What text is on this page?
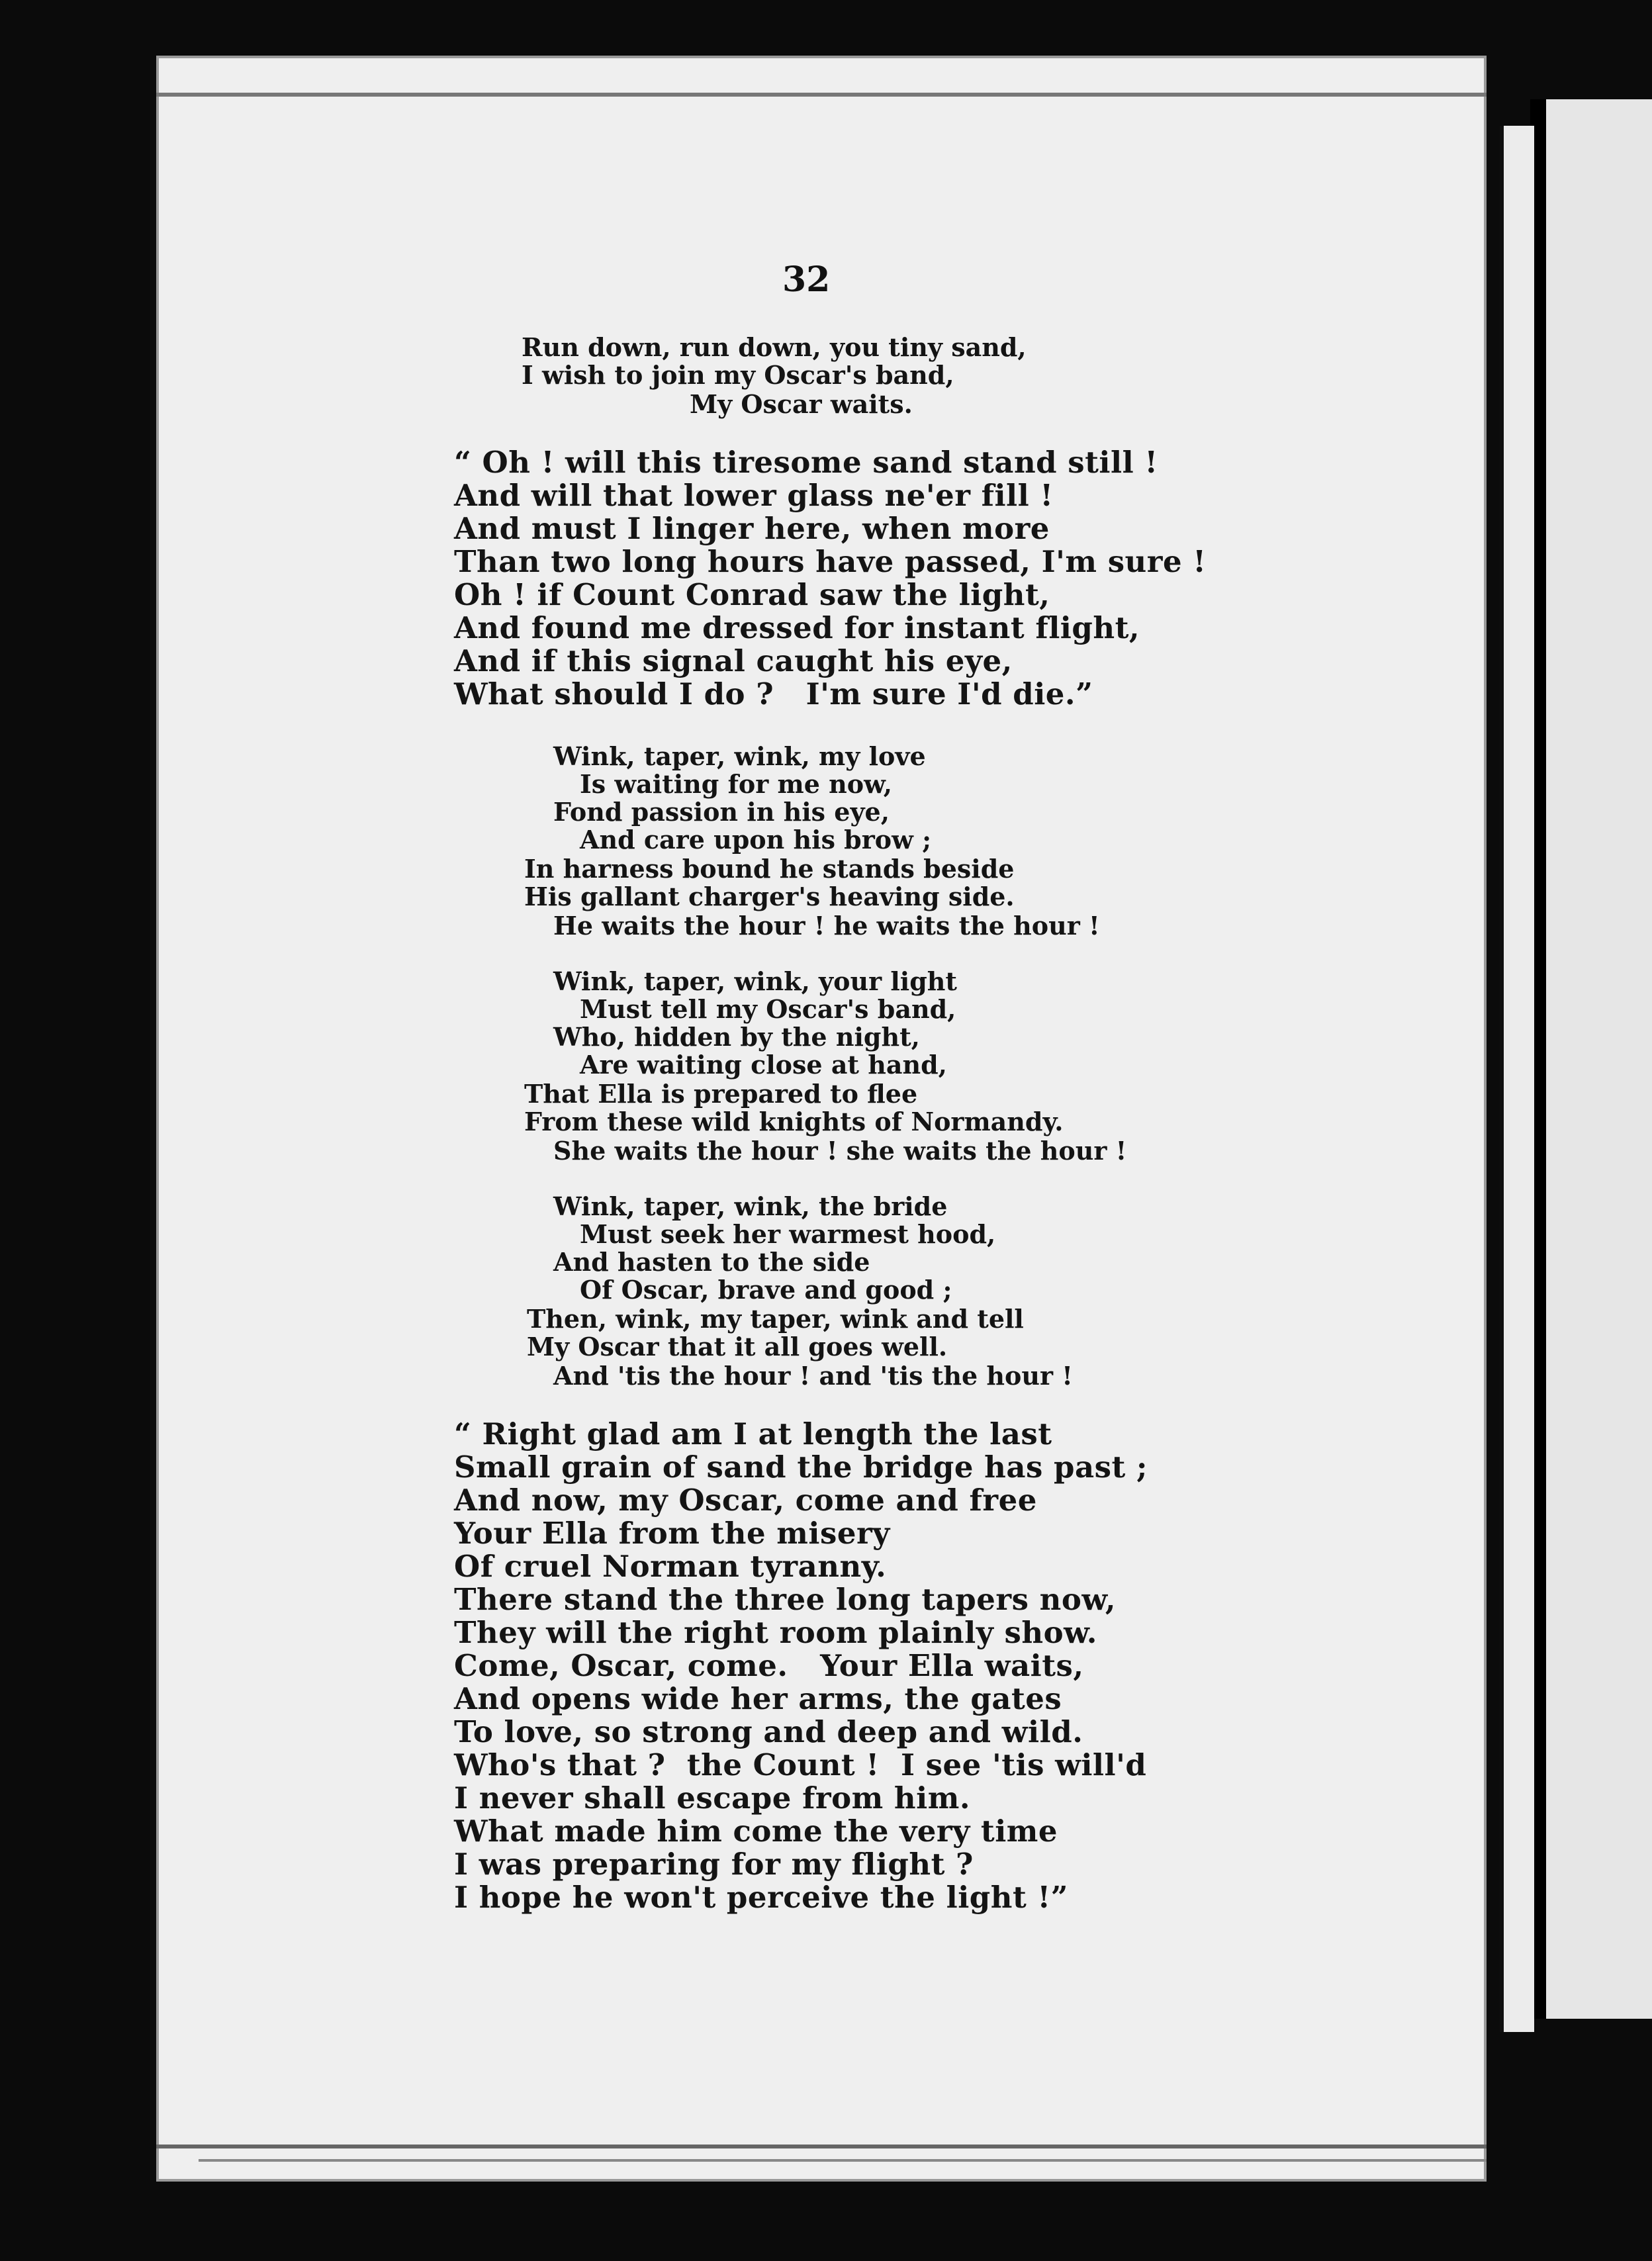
32
Run down, run down, you tiny sand,
I wish to join my Oscar's band,
My Oscar waits.
“ Oh ! will this tiresome sand stand still !
And will that lower glass ne'er fill !
And must I linger here, when more
Than two long hours have passed, I'm sure !
Oh ! if Count Conrad saw the light,
And found me dressed for instant flight,
And if this signal caught his eye,
What should I do ?   I'm sure I'd die.”
Wink, taper, wink, my love
Is waiting for me now,
Fond passion in his eye,
And care upon his brow ;
In harness bound he stands beside
His gallant charger's heaving side.
He waits the hour ! he waits the hour !
Wink, taper, wink, your light
Must tell my Oscar's band,
Who, hidden by the night,
Are waiting close at hand,
That Ella is prepared to flee
From these wild knights of Normandy.
She waits the hour ! she waits the hour !
Wink, taper, wink, the bride
Must seek her warmest hood,
And hasten to the side
Of Oscar, brave and good ;
Then, wink, my taper, wink and tell
My Oscar that it all goes well.
And 'tis the hour ! and 'tis the hour !
“ Right glad am I at length the last
Small grain of sand the bridge has past ;
And now, my Oscar, come and free
Your Ella from the misery
Of cruel Norman tyranny.
There stand the three long tapers now,
They will the right room plainly show.
Come, Oscar, come.   Your Ella waits,
And opens wide her arms, the gates
To love, so strong and deep and wild.
Who's that ?  the Count !  I see 'tis will'd
I never shall escape from him.
What made him come the very time
I was preparing for my flight ?
I hope he won't perceive the light !”
